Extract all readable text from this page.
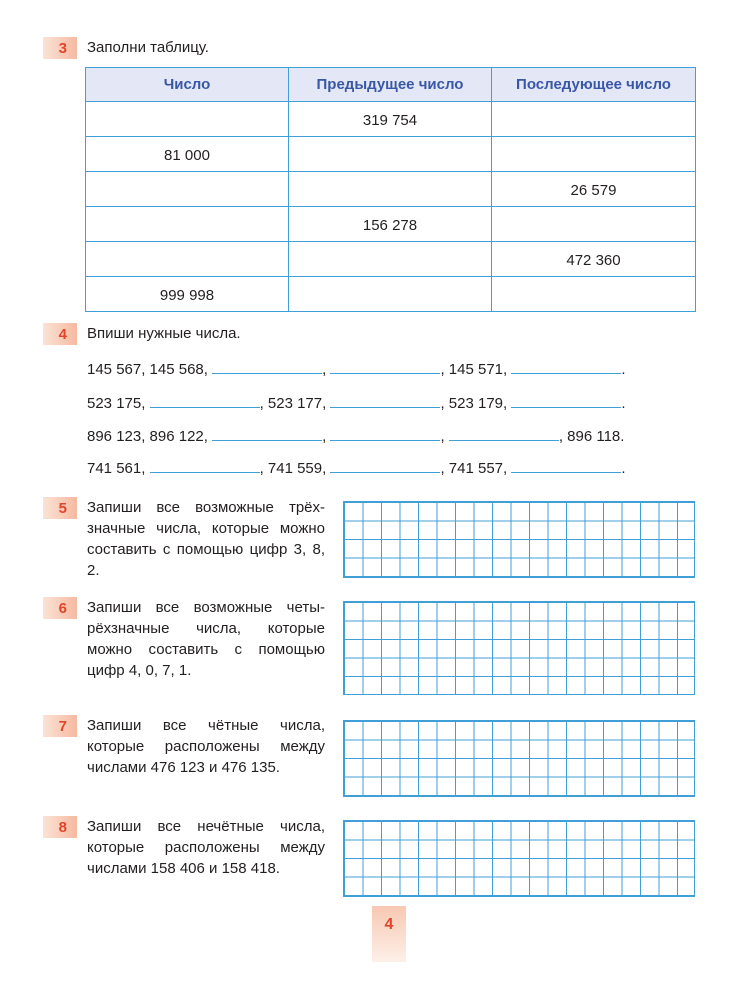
3	Заполни таблицу.
Число	Предыдущее число	Последующее число
	319 754	
81 000		
		26 579
	156 278	
		472 360
999 998		
4	Впиши нужные числа.
145 567, 145 568,	,	, 145 571,	.
523 175,	, 523 177,	, 523 179,	.
896 123, 896 122,	,	,	, 896 118.
741 561,	, 741 559,	, 741 557,	.
5	Запиши все возможные трёхзначные числа, которые можно составить с помощью цифр 3, 8, 2.
6	Запиши все возможные четырёхзначные числа, которые можно составить с помощью цифр 4, 0, 7, 1.
7	Запиши все чётные числа, которые расположены между числами 476 123 и 476 135.
8	Запиши все нечётные числа, которые расположены между числами 158 406 и 158 418.
4
